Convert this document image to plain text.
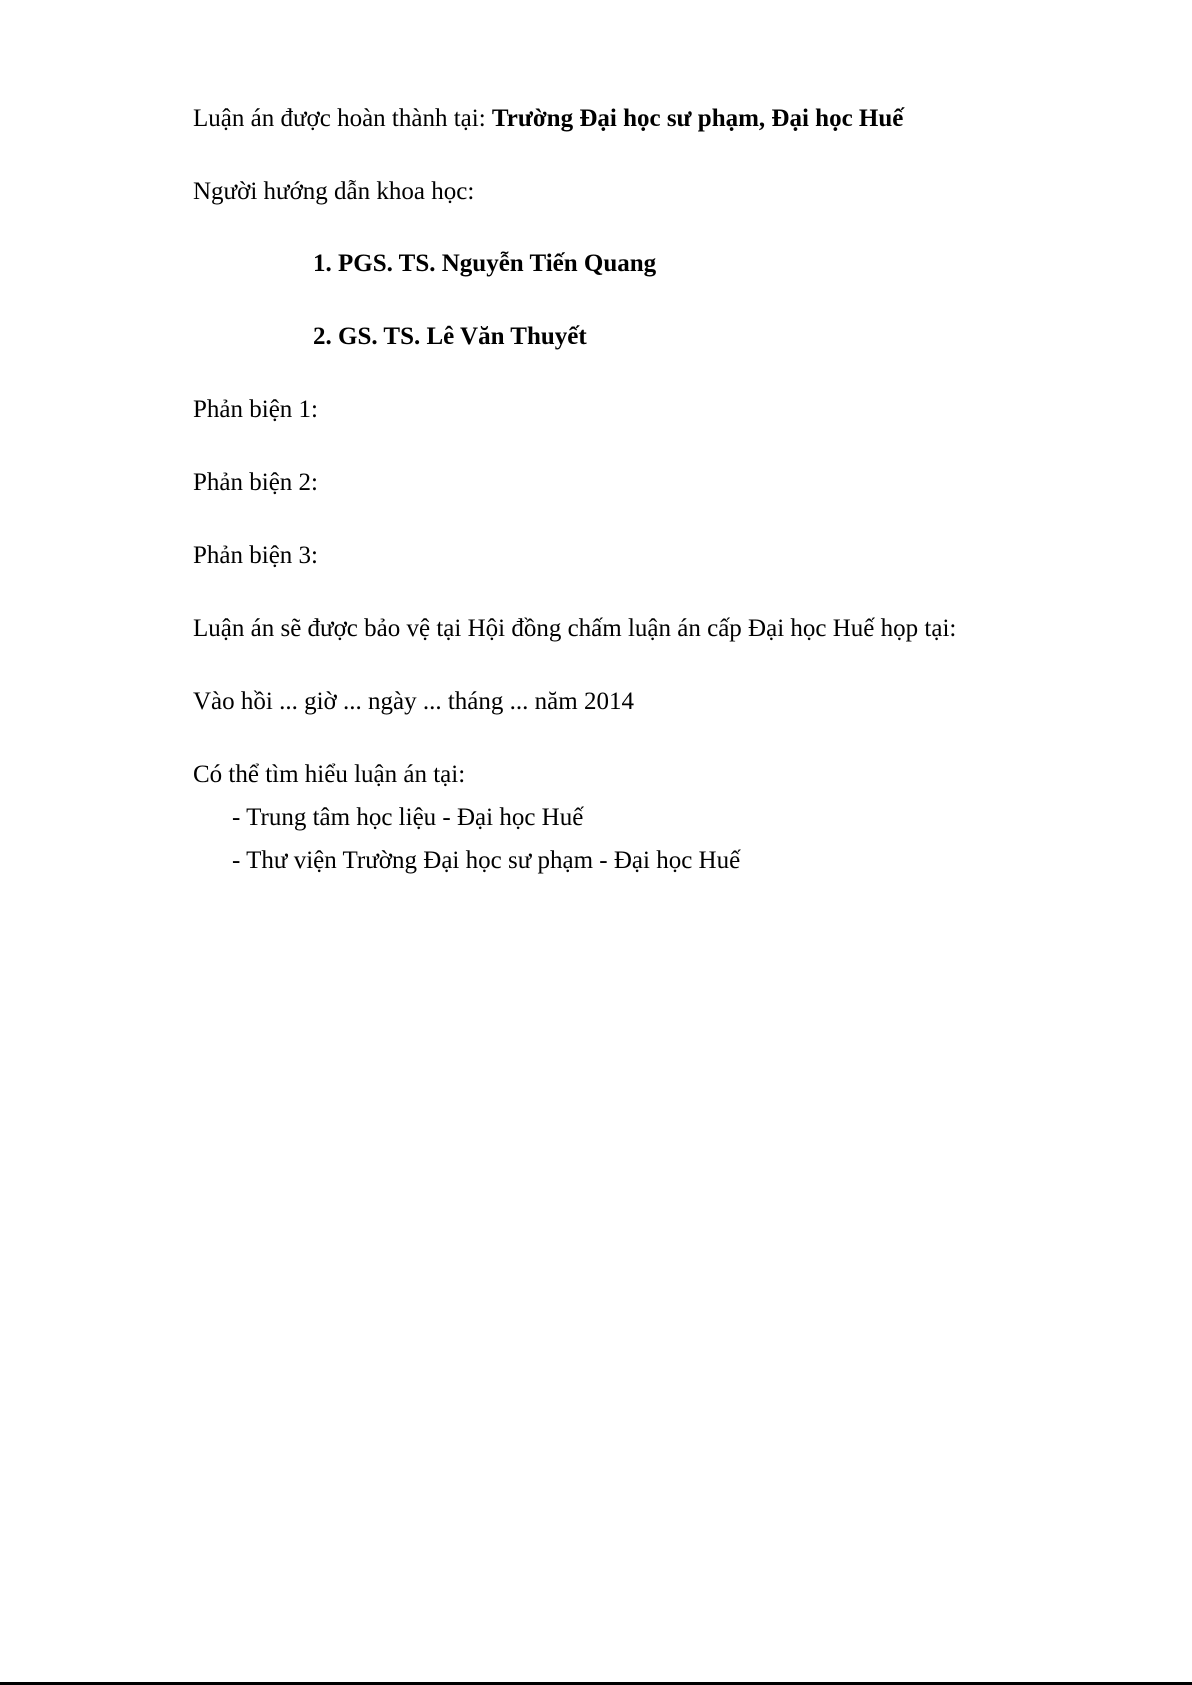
Luận án được hoàn thành tại: Trường Đại học sư phạm, Đại học Huế
Người hướng dẫn khoa học:
1. PGS. TS. Nguyễn Tiến Quang
2. GS. TS. Lê Văn Thuyết
Phản biện 1:
Phản biện 2:
Phản biện 3:
Luận án sẽ được bảo vệ tại Hội đồng chấm luận án cấp Đại học Huế họp tại:
Vào hồi ... giờ ... ngày ... tháng ... năm 2014
Có thể tìm hiểu luận án tại:
- Trung tâm học liệu - Đại học Huế
- Thư viện Trường Đại học sư phạm - Đại học Huế
